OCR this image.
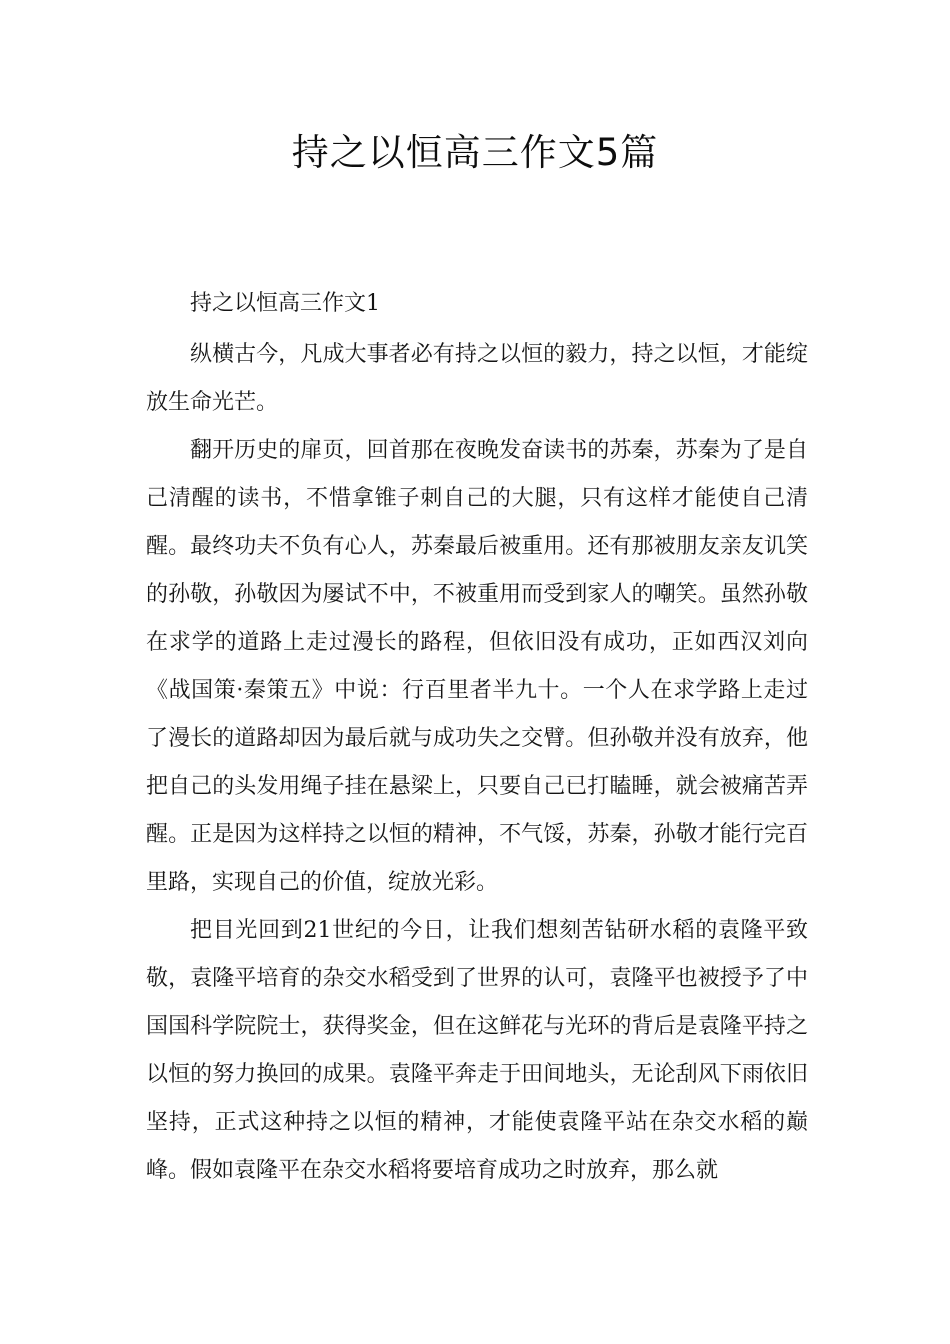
持之以恒高三作文5篇

持之以恒高三作文1

纵横古今，凡成大事者必有持之以恒的毅力，持之以恒，才能绽放生命光芒。

翻开历史的扉页，回首那在夜晚发奋读书的苏秦，苏秦为了是自己清醒的读书，不惜拿锥子刺自己的大腿，只有这样才能使自己清醒。最终功夫不负有心人，苏秦最后被重用。还有那被朋友亲友讥笑的孙敬，孙敬因为屡试不中，不被重用而受到家人的嘲笑。虽然孙敬在求学的道路上走过漫长的路程，但依旧没有成功，正如西汉刘向《战国策·秦策五》中说：行百里者半九十。一个人在求学路上走过了漫长的道路却因为最后就与成功失之交臂。但孙敬并没有放弃，他把自己的头发用绳子挂在悬梁上，只要自己已打瞌睡，就会被痛苦弄醒。正是因为这样持之以恒的精神，不气馁，苏秦，孙敬才能行完百里路，实现自己的价值，绽放光彩。

把目光回到21世纪的今日，让我们想刻苦钻研水稻的袁隆平致敬，袁隆平培育的杂交水稻受到了世界的认可，袁隆平也被授予了中国国科学院院士，获得奖金，但在这鲜花与光环的背后是袁隆平持之以恒的努力换回的成果。袁隆平奔走于田间地头，无论刮风下雨依旧坚持，正式这种持之以恒的精神，才能使袁隆平站在杂交水稻的巅峰。假如袁隆平在杂交水稻将要培育成功之时放弃，那么就
